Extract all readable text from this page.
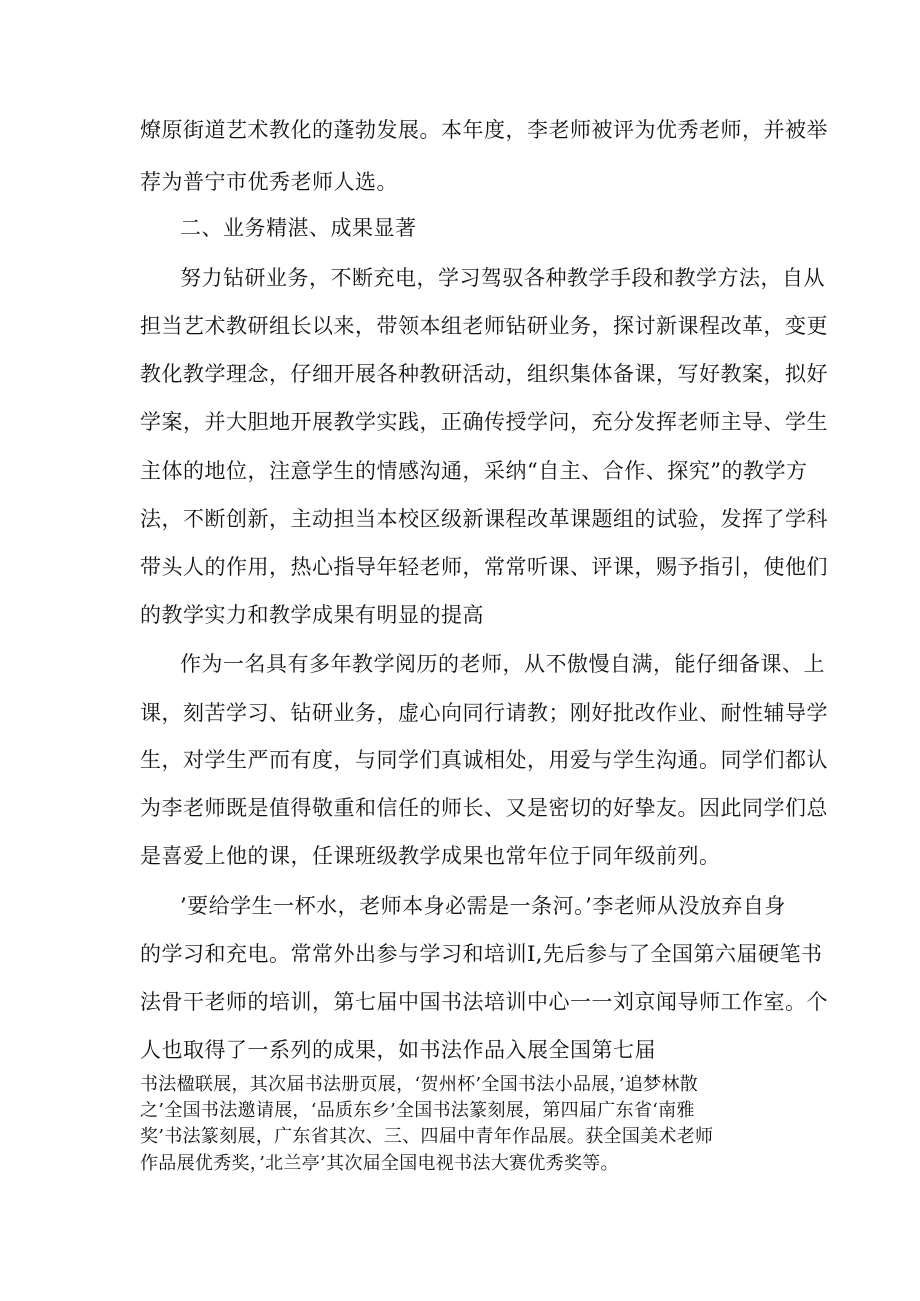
燎原街道艺术教化的蓬勃发展。本年度，李老师被评为优秀老师，并被举

荐为普宁市优秀老师人选。

二、业务精湛、成果显著

努力钻研业务，不断充电，学习驾驭各种教学手段和教学方法，自从

担当艺术教研组长以来，带领本组老师钻研业务，探讨新课程改革，变更

教化教学理念，仔细开展各种教研活动，组织集体备课，写好教案，拟好

学案，并大胆地开展教学实践，正确传授学问，充分发挥老师主导、学生

主体的地位，注意学生的情感沟通，采纳“自主、合作、探究”的教学方

法，不断创新，主动担当本校区级新课程改革课题组的试验，发挥了学科

带头人的作用，热心指导年轻老师，常常听课、评课，赐予指引，使他们

的教学实力和教学成果有明显的提高

作为一名具有多年教学阅历的老师，从不傲慢自满，能仔细备课、上

课，刻苦学习、钻研业务，虚心向同行请教；刚好批改作业、耐性辅导学

生，对学生严而有度，与同学们真诚相处，用爱与学生沟通。同学们都认

为李老师既是值得敬重和信任的师长、又是密切的好挚友。因此同学们总

是喜爱上他的课，任课班级教学成果也常年位于同年级前列。

’要给学生一杯水，老师本身必需是一条河。’李老师从没放弃自身

的学习和充电。常常外出参与学习和培训I,先后参与了全国第六届硬笔书

法骨干老师的培训，第七届中国书法培训中心一一刘京闻导师工作室。个

人也取得了一系列的成果，如书法作品入展全国第七届

书法楹联展，其次届书法册页展，‘贺州杯’全国书法小品展，’追梦林散

之’全国书法邀请展，‘品质东乡’全国书法篆刻展，第四届广东省‘南雅

奖’书法篆刻展，广东省其次、三、四届中青年作品展。获全国美术老师

作品展优秀奖，’北兰亭’其次届全国电视书法大赛优秀奖等。
